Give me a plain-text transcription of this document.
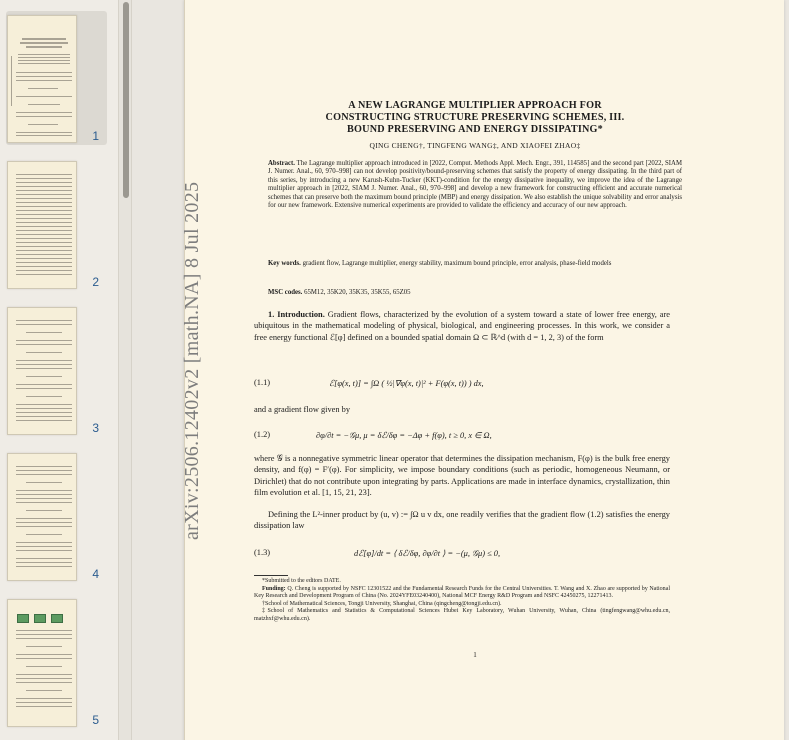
1
2
3
4
5
arXiv:2506.12402v2 [math.NA] 8 Jul 2025
A NEW LAGRANGE MULTIPLIER APPROACH FOR
CONSTRUCTING STRUCTURE PRESERVING SCHEMES, III.
BOUND PRESERVING AND ENERGY DISSIPATING*
QING CHENG†, TINGFENG WANG‡, AND XIAOFEI ZHAO‡
Abstract. The Lagrange multiplier approach introduced in [2022, Comput. Methods Appl. Mech. Engr., 391, 114585] and the second part [2022, SIAM J. Numer. Anal., 60, 970–998] can not develop positivity/bound-preserving schemes that satisfy the property of energy dissipating. In the third part of this series, by introducing a new Karush-Kuhn-Tucker (KKT)-condition for the energy dissipative inequality, we improve the idea of the Lagrange multiplier approach in [2022, SIAM J. Numer. Anal., 60, 970–998] and develop a new framework for constructing efficient and accurate numerical schemes that can preserve both the maximum bound principle (MBP) and energy dissipation. We also establish the unique solvability and error analysis for our new framework. Extensive numerical experiments are provided to validate the efficiency and accuracy of our new approach.
Key words. gradient flow, Lagrange multiplier, energy stability, maximum bound principle, error analysis, phase-field models
MSC codes. 65M12, 35K20, 35K35, 35K55, 65Z05
1. Introduction. Gradient flows, characterized by the evolution of a system toward a state of lower free energy, are ubiquitous in the mathematical modeling of physical, biological, and engineering processes. In this work, we consider a free energy functional ℰ[φ] defined on a bounded spatial domain Ω ⊂ ℝ^d (with d = 1, 2, 3) of the form
(1.1)	ℰ[φ(x, t)] = ∫Ω ( ½|∇φ(x, t)|² + F(φ(x, t)) ) dx,
and a gradient flow given by
(1.2)	∂φ/∂t = −𝒢μ, μ = δℰ/δφ = −Δφ + f(φ), t ≥ 0, x ∈ Ω,
where 𝒢 is a nonnegative symmetric linear operator that determines the dissipation mechanism, F(φ) is the bulk free energy density, and f(φ) = F′(φ). For simplicity, we impose boundary conditions (such as periodic, homogeneous Neumann, or Dirichlet) that do not contribute upon integrating by parts. Applications are made in interface dynamics, crystallization, thin film evolution et al. [1, 15, 21, 23].
Defining the L²-inner product by (u, v) := ∫Ω u v dx, one readily verifies that the gradient flow (1.2) satisfies the energy dissipation law
(1.3)	dℰ[φ]/dt = ⟨ δℰ/δφ, ∂φ/∂t ⟩ = −(μ, 𝒢μ) ≤ 0,
*Submitted to the editors DATE.
Funding: Q. Cheng is supported by NSFC 12301522 and the Fundamental Research Funds for the Central Universities. T. Wang and X. Zhao are supported by National Key Research and Development Program of China (No. 2024YFE03240400), National MCF Energy R&D Program and NSFC 42450275, 12271413.
†School of Mathematical Sciences, Tongji University, Shanghai, China (qingcheng@tongji.edu.cn).
‡School of Mathematics and Statistics & Computational Sciences Hubei Key Laboratory, Wuhan University, Wuhan, China (tingfengwang@whu.edu.cn, matzhxf@whu.edu.cn).
1
